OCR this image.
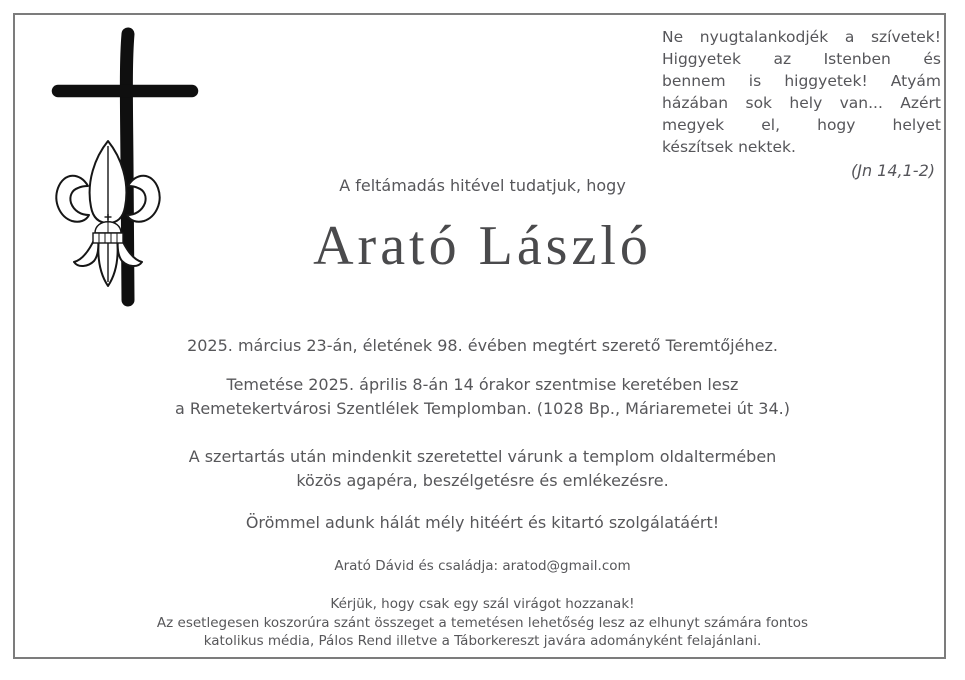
Ne nyugtalankodjék a szívetek!
Higgyetek az Istenben és
bennem is higgyetek! Atyám
házában sok hely van... Azért
megyek el, hogy helyet
készítsek nektek.
(Jn 14,1-2)
A feltámadás hitével tudatjuk, hogy
Arató László
2025. március 23-án, életének 98. évében megtért szerető Teremtőjéhez.
Temetése 2025. április 8-án 14 órakor szentmise keretében lesz
a Remetekertvárosi Szentlélek Templomban. (1028 Bp., Máriaremetei út 34.)
A szertartás után mindenkit szeretettel várunk a templom oldaltermében
közös agapéra, beszélgetésre és emlékezésre.
Örömmel adunk hálát mély hitéért és kitartó szolgálatáért!
Arató Dávid és családja: aratod@gmail.com
Kérjük, hogy csak egy szál virágot hozzanak!
Az esetlegesen koszorúra szánt összeget a temetésen lehetőség lesz az elhunyt számára fontos
katolikus média, Pálos Rend illetve a Táborkereszt javára adományként felajánlani.
